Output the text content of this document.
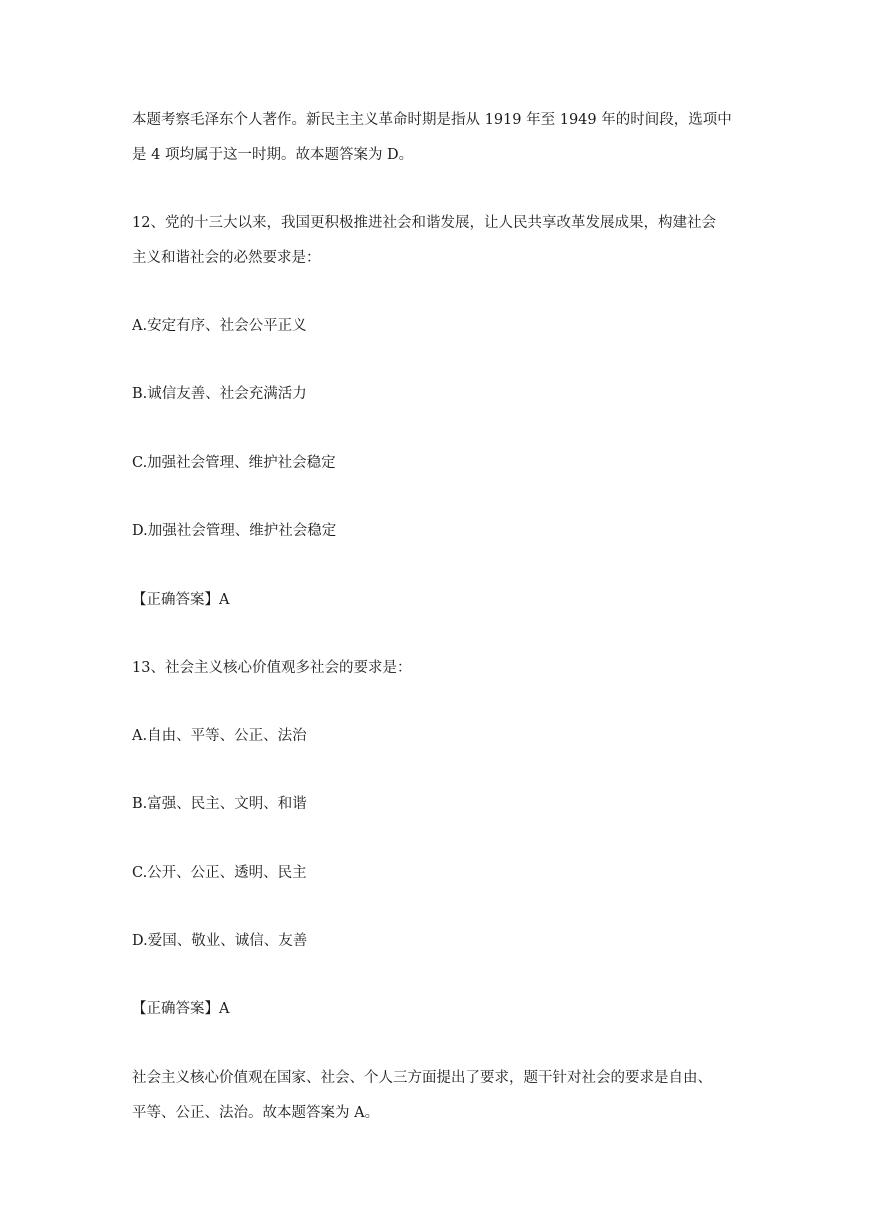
本题考察毛泽东个人著作。新民主主义革命时期是指从 1919 年至 1949 年的时间段，选项中
是 4 项均属于这一时期。故本题答案为 D。
12、党的十三大以来，我国更积极推进社会和谐发展，让人民共享改革发展成果，构建社会
主义和谐社会的必然要求是：
A.安定有序、社会公平正义
B.诚信友善、社会充满活力
C.加强社会管理、维护社会稳定
D.加强社会管理、维护社会稳定
【正确答案】A
13、社会主义核心价值观多社会的要求是：
A.自由、平等、公正、法治
B.富强、民主、文明、和谐
C.公开、公正、透明、民主
D.爱国、敬业、诚信、友善
【正确答案】A
社会主义核心价值观在国家、社会、个人三方面提出了要求，题干针对社会的要求是自由、
平等、公正、法治。故本题答案为 A。
